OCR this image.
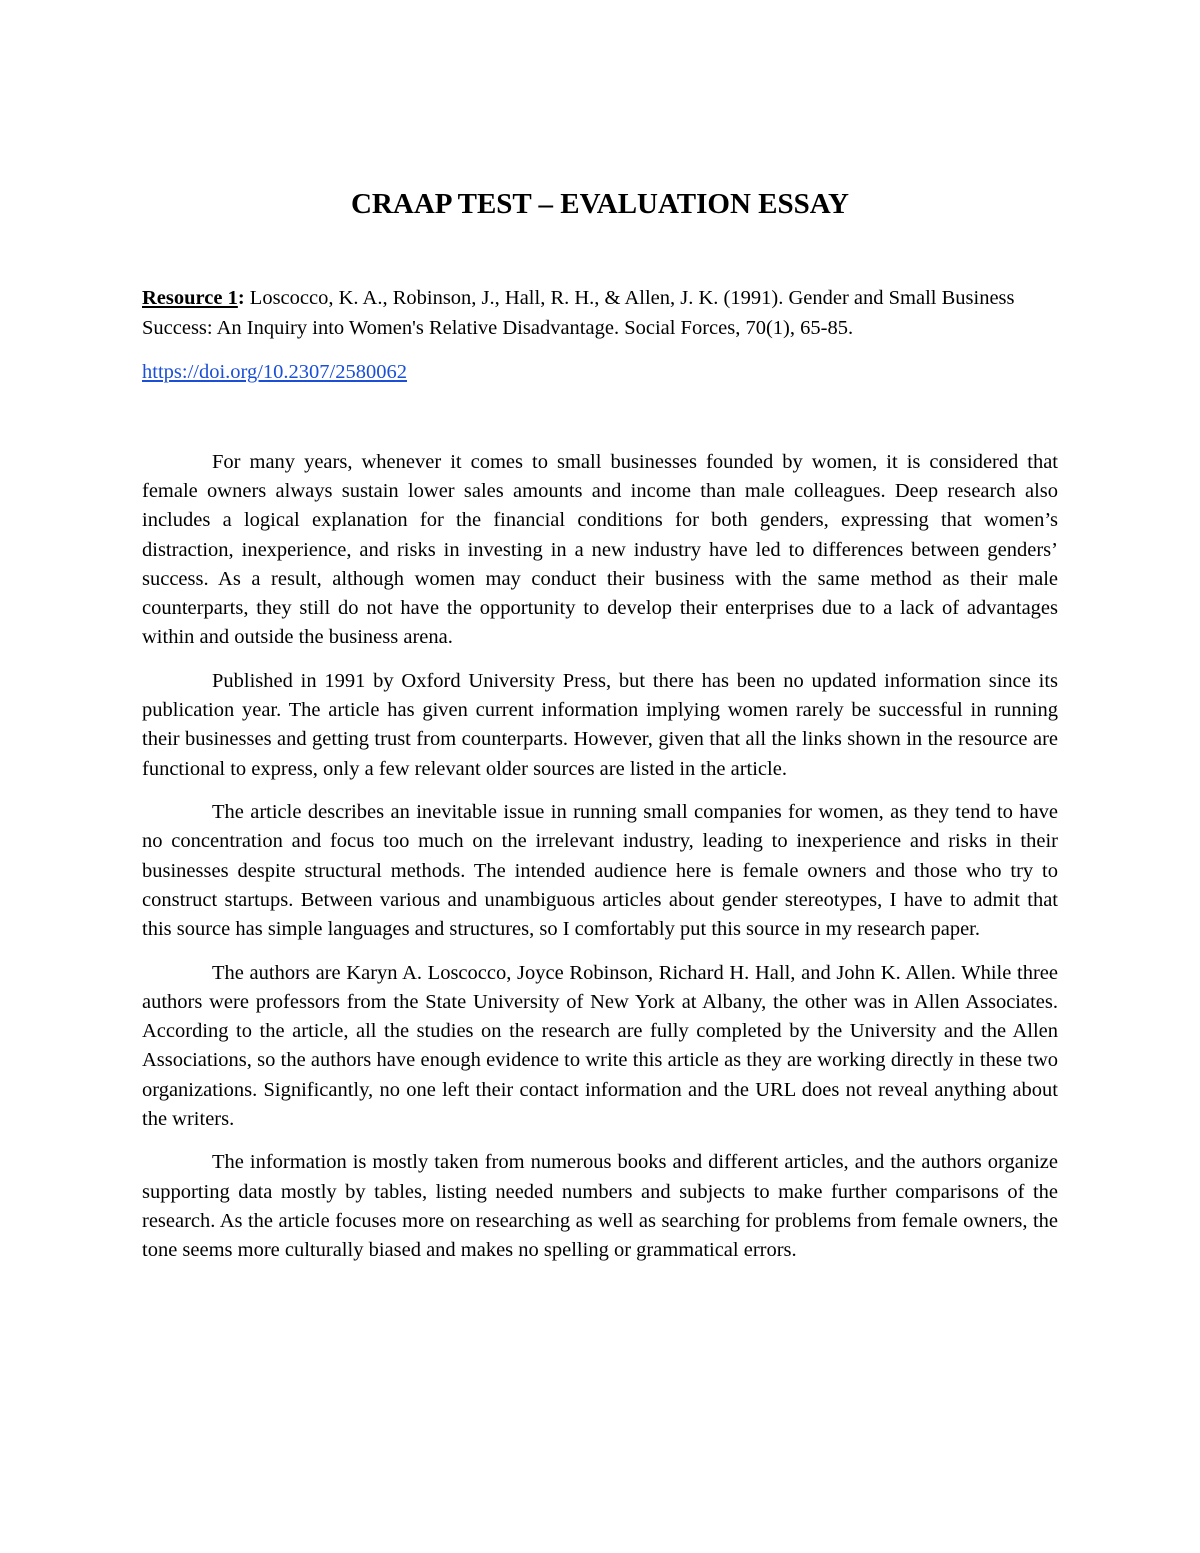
CRAAP TEST – EVALUATION ESSAY

Resource 1: Loscocco, K. A., Robinson, J., Hall, R. H., & Allen, J. K. (1991). Gender and Small Business Success: An Inquiry into Women's Relative Disadvantage. Social Forces, 70(1), 65-85.

https://doi.org/10.2307/2580062

For many years, whenever it comes to small businesses founded by women, it is considered that female owners always sustain lower sales amounts and income than male colleagues. Deep research also includes a logical explanation for the financial conditions for both genders, expressing that women’s distraction, inexperience, and risks in investing in a new industry have led to differences between genders’ success. As a result, although women may conduct their business with the same method as their male counterparts, they still do not have the opportunity to develop their enterprises due to a lack of advantages within and outside the business arena.

Published in 1991 by Oxford University Press, but there has been no updated information since its publication year. The article has given current information implying women rarely be successful in running their businesses and getting trust from counterparts. However, given that all the links shown in the resource are functional to express, only a few relevant older sources are listed in the article.

The article describes an inevitable issue in running small companies for women, as they tend to have no concentration and focus too much on the irrelevant industry, leading to inexperience and risks in their businesses despite structural methods. The intended audience here is female owners and those who try to construct startups. Between various and unambiguous articles about gender stereotypes, I have to admit that this source has simple languages and structures, so I comfortably put this source in my research paper.

The authors are Karyn A. Loscocco, Joyce Robinson, Richard H. Hall, and John K. Allen. While three authors were professors from the State University of New York at Albany, the other was in Allen Associates. According to the article, all the studies on the research are fully completed by the University and the Allen Associations, so the authors have enough evidence to write this article as they are working directly in these two organizations. Significantly, no one left their contact information and the URL does not reveal anything about the writers.

The information is mostly taken from numerous books and different articles, and the authors organize supporting data mostly by tables, listing needed numbers and subjects to make further comparisons of the research. As the article focuses more on researching as well as searching for problems from female owners, the tone seems more culturally biased and makes no spelling or grammatical errors.
